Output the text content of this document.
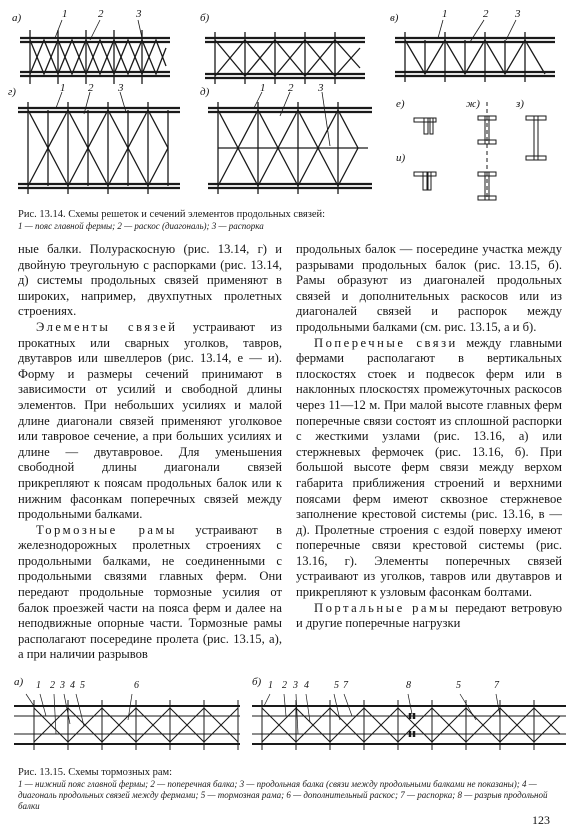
а)	1	2	3	б)	в)	1	2 3
г)	1 2 3	д)	1 2 3
е)	ж)	з)
и)
Рис. 13.14. Схемы решеток и сечений элементов продольных связей:
1 — пояс главной фермы; 2 — раскос (диагональ); 3 — распорка

ные балки. Полураскосную (рис. 13.14, г) и двойную треугольную с распорками (рис. 13.14, д) системы продольных связей применяют в широких, например, двухпутных пролетных строениях.

Элементы связей устраивают из прокатных или сварных уголков, тавров, двутавров или швеллеров (рис. 13.14, е — и). Форму и размеры сечений принимают в зависимости от усилий и свободной длины элементов. При небольших усилиях и малой длине диагонали связей применяют уголковое или тавровое сечение, а при больших усилиях и длине — двутавровое. Для уменьшения свободной длины диагонали связей прикрепляют к поясам продольных балок или к нижним фасонкам поперечных связей между продольными балками.

Тормозные рамы устраивают в железнодорожных пролетных строениях с продольными балками, не соединенными с продольными связями главных ферм. Они передают продольные тормозные усилия от балок проезжей части на пояса ферм и далее на неподвижные опорные части. Тормозные рамы располагают посередине пролета (рис. 13.15, а), а при наличии разрывов

продольных балок — посередине участка между разрывами продольных балок (рис. 13.15, б). Рамы образуют из диагоналей продольных связей и дополнительных раскосов или из диагоналей связей и распорок между продольными балками (см. рис. 13.15, а и б).

Поперечные связи между главными фермами располагают в вертикальных плоскостях стоек и подвесок ферм или в наклонных плоскостях промежуточных раскосов через 11—12 м. При малой высоте главных ферм поперечные связи состоят из сплошной распорки с жесткими узлами (рис. 13.16, а) или стержневых фермочек (рис. 13.16, б). При большой высоте ферм связи между верхом габарита приближения строений и верхними поясами ферм имеют сквозное стержневое заполнение крестовой системы (рис. 13.16, в — д). Пролетные строения с ездой поверху имеют поперечные связи крестовой системы (рис. 13.16, г). Элементы поперечных связей устраивают из уголков, тавров или двутавров и прикрепляют к узловым фасонкам болтами.

Портальные рамы передают ветровую и другие поперечные нагрузки

а) 1 2 3 4 5	6	б) 1 2 3 4	5 7	8	5	7
Рис. 13.15. Схемы тормозных рам:
1 — нижний пояс главной фермы; 2 — поперечная балка; 3 — продольная балка (связи между продольными балками не показаны); 4 — диагональ продольных связей между фермами; 5 — тормозная рама; 6 — дополнительный раскос; 7 — распорка; 8 — разрыв продольной балки
123
